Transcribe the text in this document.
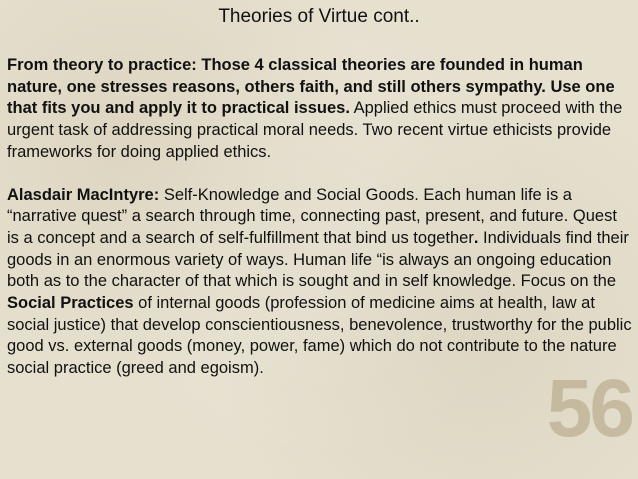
Theories of Virtue cont..
56

From theory to practice: Those 4 classical theories are founded in human nature, one stresses reasons, others faith, and still others sympathy. Use one that fits you and apply it to practical issues. Applied ethics must proceed with the urgent task of addressing practical moral needs. Two recent virtue ethicists provide frameworks for doing applied ethics.

Alasdair MacIntyre: Self-Knowledge and Social Goods. Each human life is a “narrative quest” a search through time, connecting past, present, and future. Quest is a concept and a search of self-fulfillment that bind us together. Individuals find their goods in an enormous variety of ways. Human life “is always an ongoing education both as to the character of that which is sought and in self knowledge. Focus on the Social Practices of internal goods (profession of medicine aims at health, law at social justice) that develop conscientiousness, benevolence, trustworthy for the public good vs. external goods (money, power, fame) which do not contribute to the nature social practice (greed and egoism).
